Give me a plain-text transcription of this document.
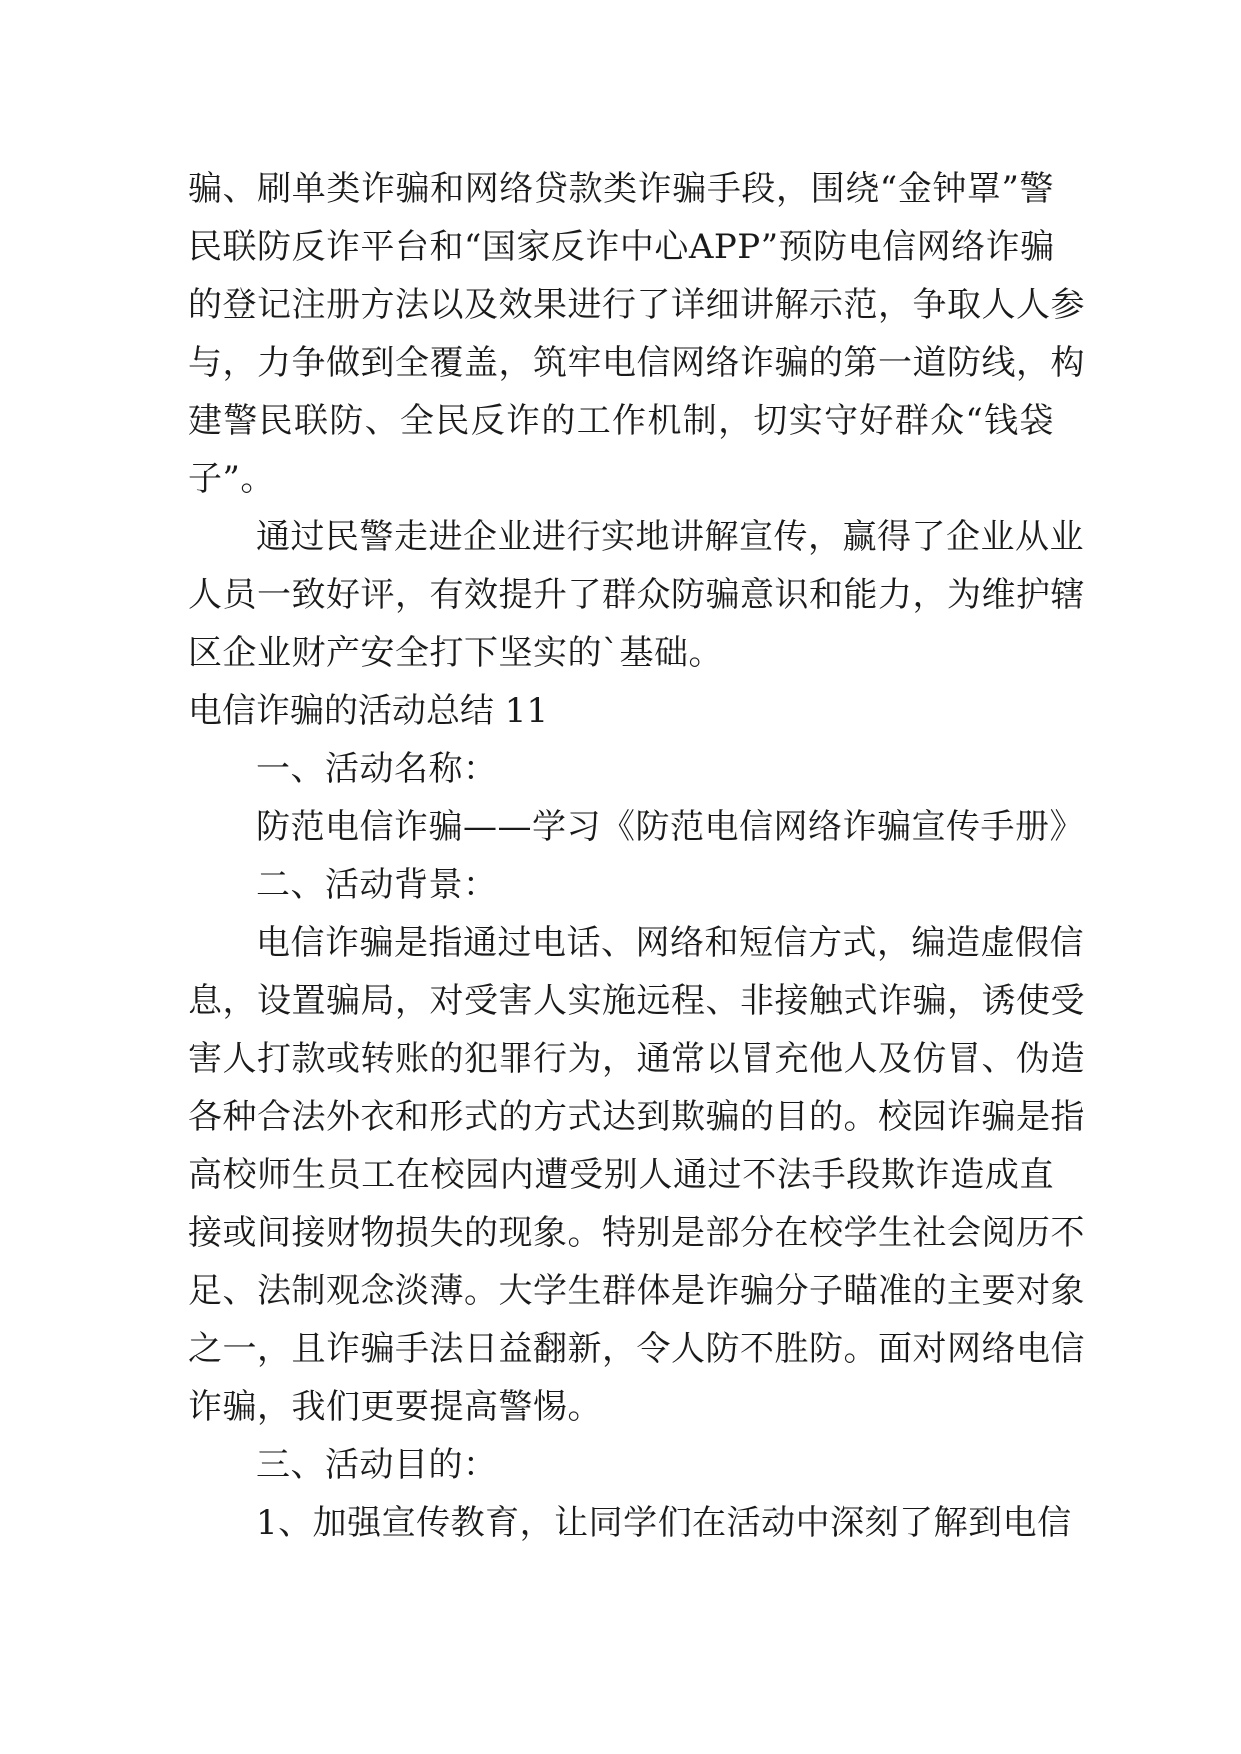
骗、刷单类诈骗和网络贷款类诈骗手段，围绕“金钟罩”警
民联防反诈平台和“国家反诈中心APP”预防电信网络诈骗
的登记注册方法以及效果进行了详细讲解示范，争取人人参
与，力争做到全覆盖，筑牢电信网络诈骗的第一道防线，构
建警民联防、全民反诈的工作机制，切实守好群众“钱袋
子”。
通过民警走进企业进行实地讲解宣传，赢得了企业从业
人员一致好评，有效提升了群众防骗意识和能力，为维护辖
区企业财产安全打下坚实的`基础。
电信诈骗的活动总结 11
一、活动名称：
防范电信诈骗——学习《防范电信网络诈骗宣传手册》
二、活动背景：
电信诈骗是指通过电话、网络和短信方式，编造虚假信
息，设置骗局，对受害人实施远程、非接触式诈骗，诱使受
害人打款或转账的犯罪行为，通常以冒充他人及仿冒、伪造
各种合法外衣和形式的方式达到欺骗的目的。校园诈骗是指
高校师生员工在校园内遭受别人通过不法手段欺诈造成直
接或间接财物损失的现象。特别是部分在校学生社会阅历不
足、法制观念淡薄。大学生群体是诈骗分子瞄准的主要对象
之一，且诈骗手法日益翻新，令人防不胜防。面对网络电信
诈骗，我们更要提高警惕。
三、活动目的：
1、加强宣传教育，让同学们在活动中深刻了解到电信
